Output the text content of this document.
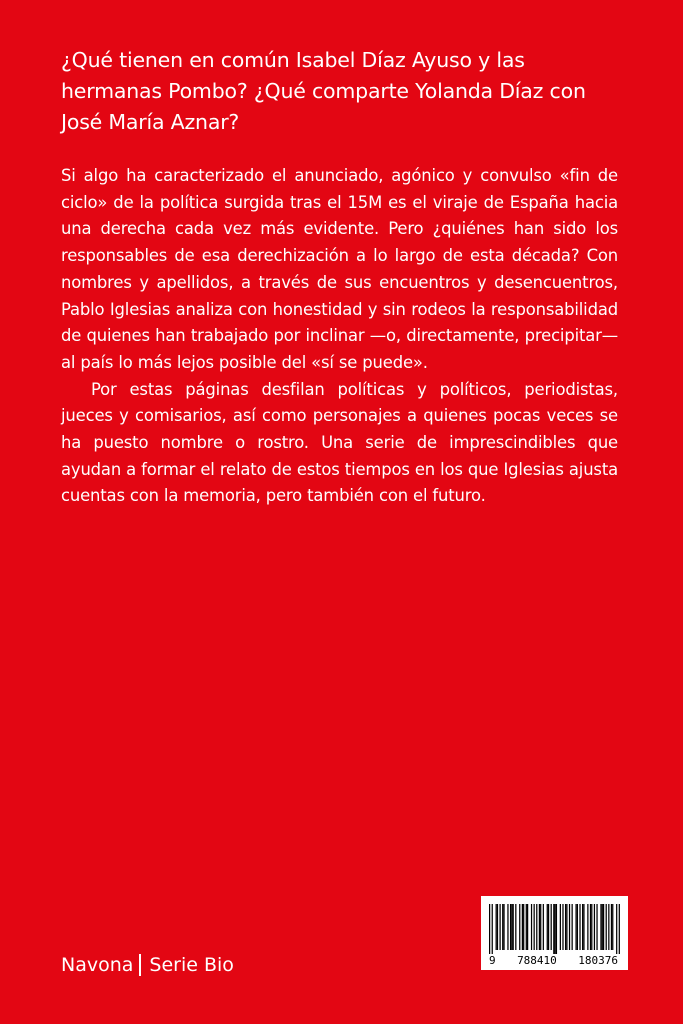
¿Qué tienen en común Isabel Díaz Ayuso y las hermanas Pombo? ¿Qué comparte Yolanda Díaz con José María Aznar?

Si algo ha caracterizado el anunciado, agónico y convulso «fin de ciclo» de la política surgida tras el 15M es el viraje de España hacia una derecha cada vez más evidente. Pero ¿quiénes han sido los responsables de esa derechización a lo largo de esta década? Con nombres y apellidos, a través de sus encuentros y desencuentros, Pablo Iglesias analiza con honestidad y sin rodeos la responsabilidad de quienes han trabajado por inclinar —o, directamente, precipitar— al país lo más lejos posible del «sí se puede».

Por estas páginas desfilan políticas y políticos, periodistas, jueces y comisarios, así como personajes a quienes pocas veces se ha puesto nombre o rostro. Una serie de imprescindibles que ayudan a formar el relato de estos tiempos en los que Iglesias ajusta cuentas con la memoria, pero también con el futuro.

Navona Serie Bio	9 788410 180376
